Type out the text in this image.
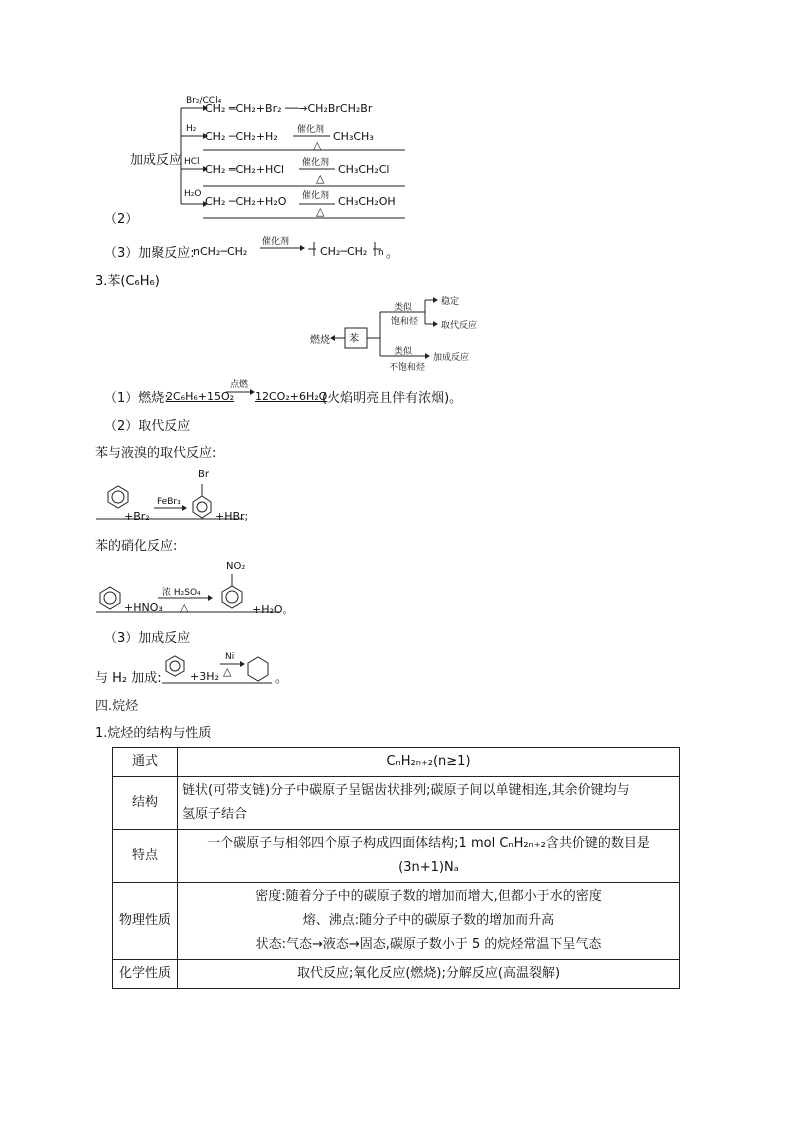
（2）
加成反应
Br₂/CCl₄
CH₂ ═CH₂+Br₂ ──→CH₂BrCH₂Br
H₂
CH₂ ─CH₂+H₂ 催化剂
△
CH₃CH₃
HCl
CH₂ ═CH₂+HCl 催化剂
△
CH₃CH₂Cl
H₂O
CH₂ ─CH₂+H₂O 催化剂
△
CH₃CH₂OH
（3）加聚反应:
nCH₂─CH₂
催化剂
CH₂─CH₂ n 。
3.苯(C₆H₆)
苯
燃烧
类似
饱和烃
稳定
取代反应
类似
不饱和烃
加成反应
（1）燃烧:
2C₆H₆+15O₂
点燃
12CO₂+6H₂O
(火焰明亮且伴有浓烟)。
（2）取代反应
苯与液溴的取代反应:
Br
+Br₂
FeBr₃
+HBr;
苯的硝化反应:
NO₂
+HNO₃
浓 H₂SO₄
△	+H₂O。
（3）加成反应
与 H₂ 加成:	+3H₂
Ni
△	。
四.烷烃
1.烷烃的结构与性质
通式	CₙH₂ₙ₊₂(n≥1)
结构	链状(可带支链)分子中碳原子呈锯齿状排列;碳原子间以单键相连,其余价键均与
氢原子结合

特点	一个碳原子与相邻四个原子构成四面体结构;1 mol CₙH₂ₙ₊₂含共价键的数目是
(3n+1)Nₐ

物理性质	密度:随着分子中的碳原子数的增加而增大,但都小于水的密度
熔、沸点:随分子中的碳原子数的增加而升高
状态:气态→液态→固态,碳原子数小于 5 的烷烃常温下呈气态

化学性质	取代反应;氧化反应(燃烧);分解反应(高温裂解)
